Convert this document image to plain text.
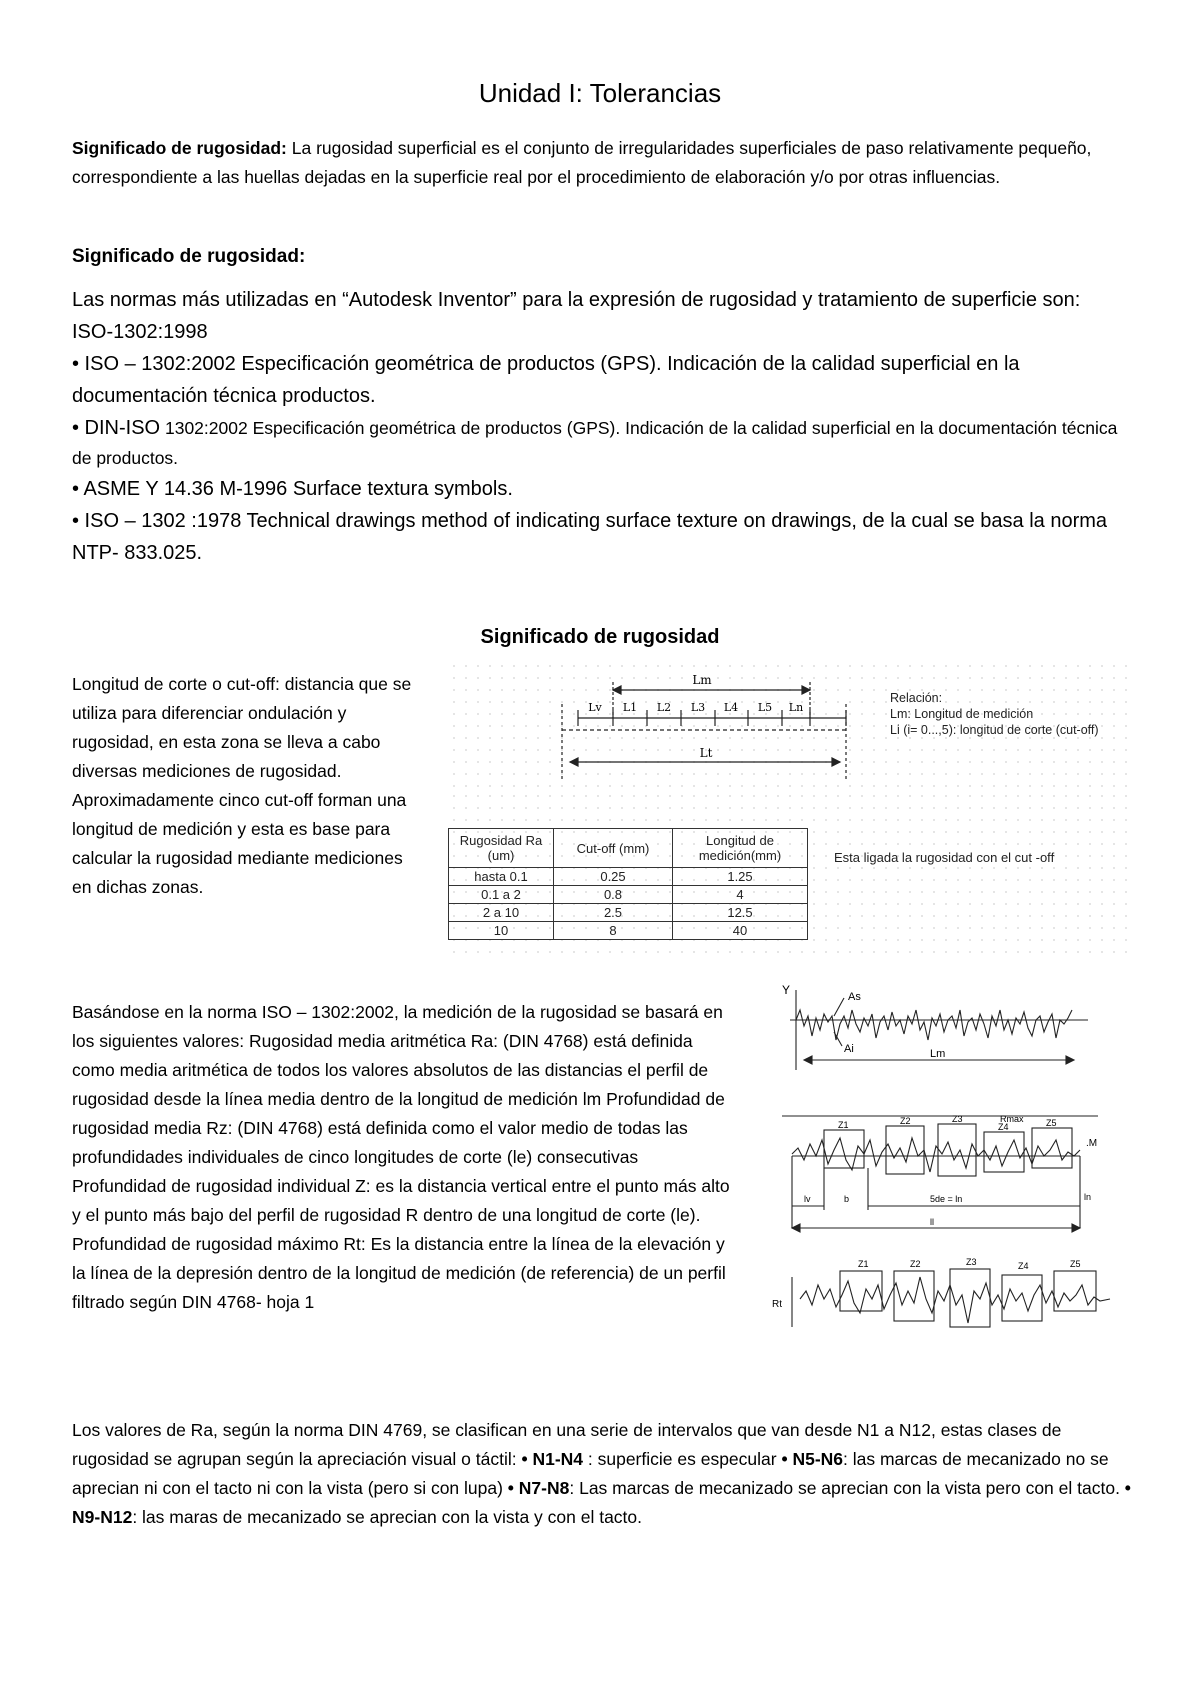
Unidad I: Tolerancias
Significado de rugosidad: La rugosidad superficial es el conjunto de irregularidades superficiales de paso relativamente pequeño, correspondiente a las huellas dejadas en la superficie real por el procedimiento de elaboración y/o por otras influencias.
Significado de rugosidad:
Las normas más utilizadas en “Autodesk Inventor” para la expresión de rugosidad y tratamiento de superficie son:
ISO-1302:1998
• ISO – 1302:2002 Especificación geométrica de productos (GPS). Indicación de la calidad superficial en la documentación técnica productos.
• DIN-ISO 1302:2002 Especificación geométrica de productos (GPS). Indicación de la calidad superficial en la documentación técnica de productos.
• ASME Y 14.36 M-1996 Surface textura symbols.
• ISO – 1302 :1978 Technical drawings method of indicating surface texture on drawings, de la cual se basa la norma NTP- 833.025.
Significado de rugosidad
Longitud de corte o cut-off: distancia que se utiliza para diferenciar ondulación y rugosidad, en esta zona se lleva a cabo diversas mediciones de rugosidad. Aproximadamente cinco cut-off forman una longitud de medición y esta es base para calcular la rugosidad mediante mediciones en dichas zonas.
Lm
Lt
Lv L1 L2 L3 L4 L5 Ln
Relación:
Lm: Longitud de medición
Li (i= 0...,5): longitud de corte (cut-off)
Rugosidad Ra (um)	Cut-off (mm)	Longitud de medición(mm)
hasta 0.1	0.25	1.25
0.1 a 2	0.8	4
2 a 10	2.5	12.5
10	8	40
Esta ligada la rugosidad con el cut -off
Basándose en la norma ISO – 1302:2002, la medición de la rugosidad se basará en los siguientes valores: Rugosidad media aritmética Ra: (DIN 4768) está definida como media aritmética de todos los valores absolutos de las distancias el perfil de rugosidad desde la línea media dentro de la longitud de medición lm Profundidad de rugosidad media Rz: (DIN 4768) está definida como el valor medio de todas las profundidades individuales de cinco longitudes de corte (le) consecutivas Profundidad de rugosidad individual Z: es la distancia vertical entre el punto más alto y el punto más bajo del perfil de rugosidad R dentro de una longitud de corte (le). Profundidad de rugosidad máximo Rt: Es la distancia entre la línea de la elevación y la línea de la depresión dentro de la longitud de medición (de referencia) de un perfil filtrado según DIN 4768- hoja 1
Y	As
Ai	Lm
Rmax
.M
Z1	Z2	Z3
Z4	Z5
lv	b	5de = ln	ln
ll
Rt
Z1	Z2	Z3	Z4	Z5
Los valores de Ra, según la norma DIN 4769, se clasifican en una serie de intervalos que van desde N1 a N12, estas clases de rugosidad se agrupan según la apreciación visual o táctil: • N1-N4 : superficie es especular • N5-N6: las marcas de mecanizado no se aprecian ni con el tacto ni con la vista (pero si con lupa) • N7-N8: Las marcas de mecanizado se aprecian con la vista pero con el tacto. • N9-N12: las maras de mecanizado se aprecian con la vista y con el tacto.
